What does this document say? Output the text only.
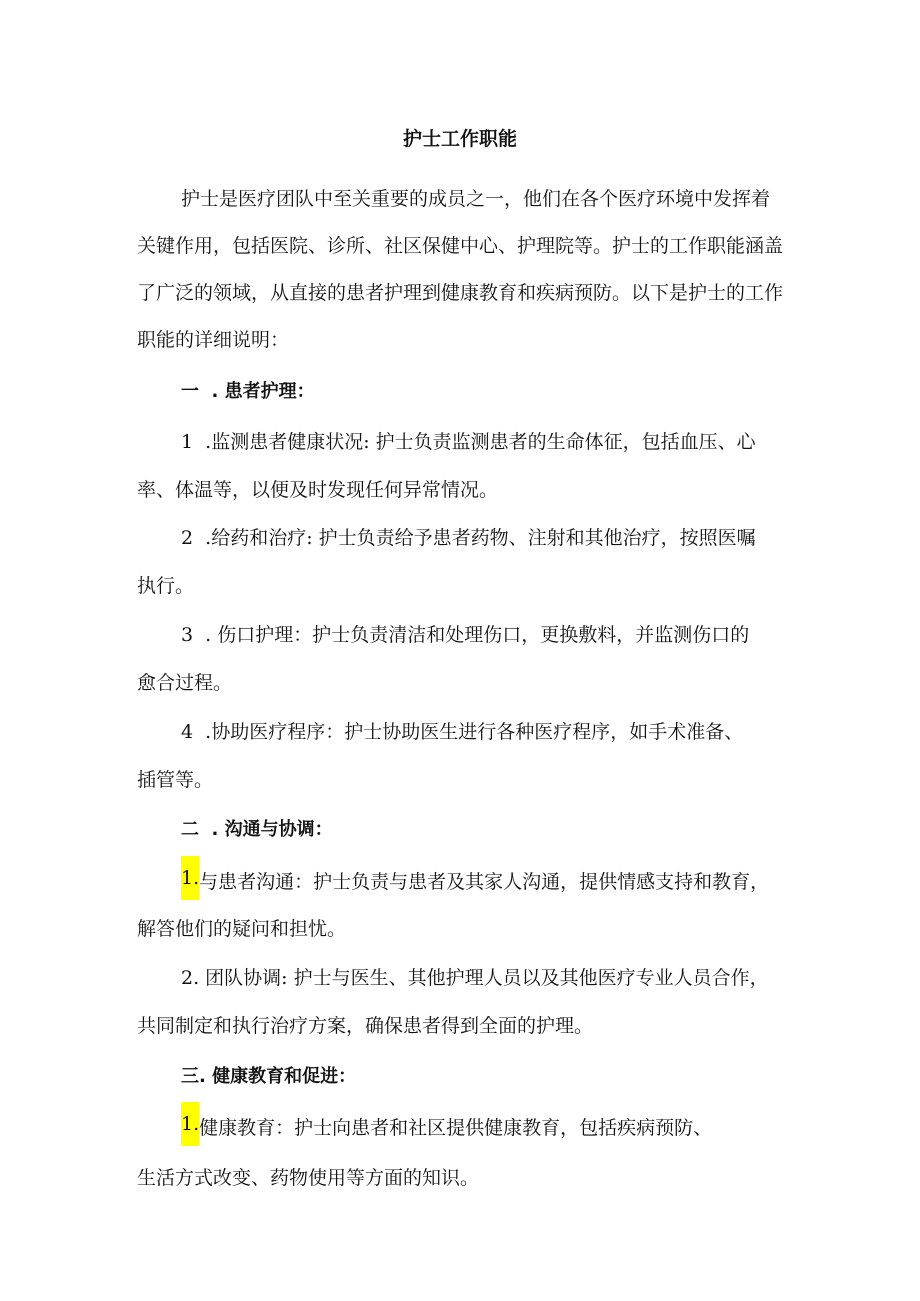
护士工作职能

护士是医疗团队中至关重要的成员之一，他们在各个医疗环境中发挥着关键作用，包括医院、诊所、社区保健中心、护理院等。护士的工作职能涵盖了广泛的领域，从直接的患者护理到健康教育和疾病预防。以下是护士的工作职能的详细说明：

一  . 患者护理：
1  .监测患者健康状况: 护士负责监测患者的生命体征，包括血压、心
率、体温等，以便及时发现任何异常情况。
2  .给药和治疗: 护士负责给予患者药物、注射和其他治疗，按照医嘱
执行。
3  . 伤口护理：护士负责清洁和处理伤口，更换敷料，并监测伤口的
愈合过程。
4  .协助医疗程序：护士协助医生进行各种医疗程序，如手术准备、
插管等。
二  . 沟通与协调：
1.与患者沟通：护士负责与患者及其家人沟通，提供情感支持和教育，
解答他们的疑问和担忧。
2. 团队协调: 护士与医生、其他护理人员以及其他医疗专业人员合作，
共同制定和执行治疗方案，确保患者得到全面的护理。
三. 健康教育和促进：
1.健康教育：护士向患者和社区提供健康教育，包括疾病预防、
生活方式改变、药物使用等方面的知识。
